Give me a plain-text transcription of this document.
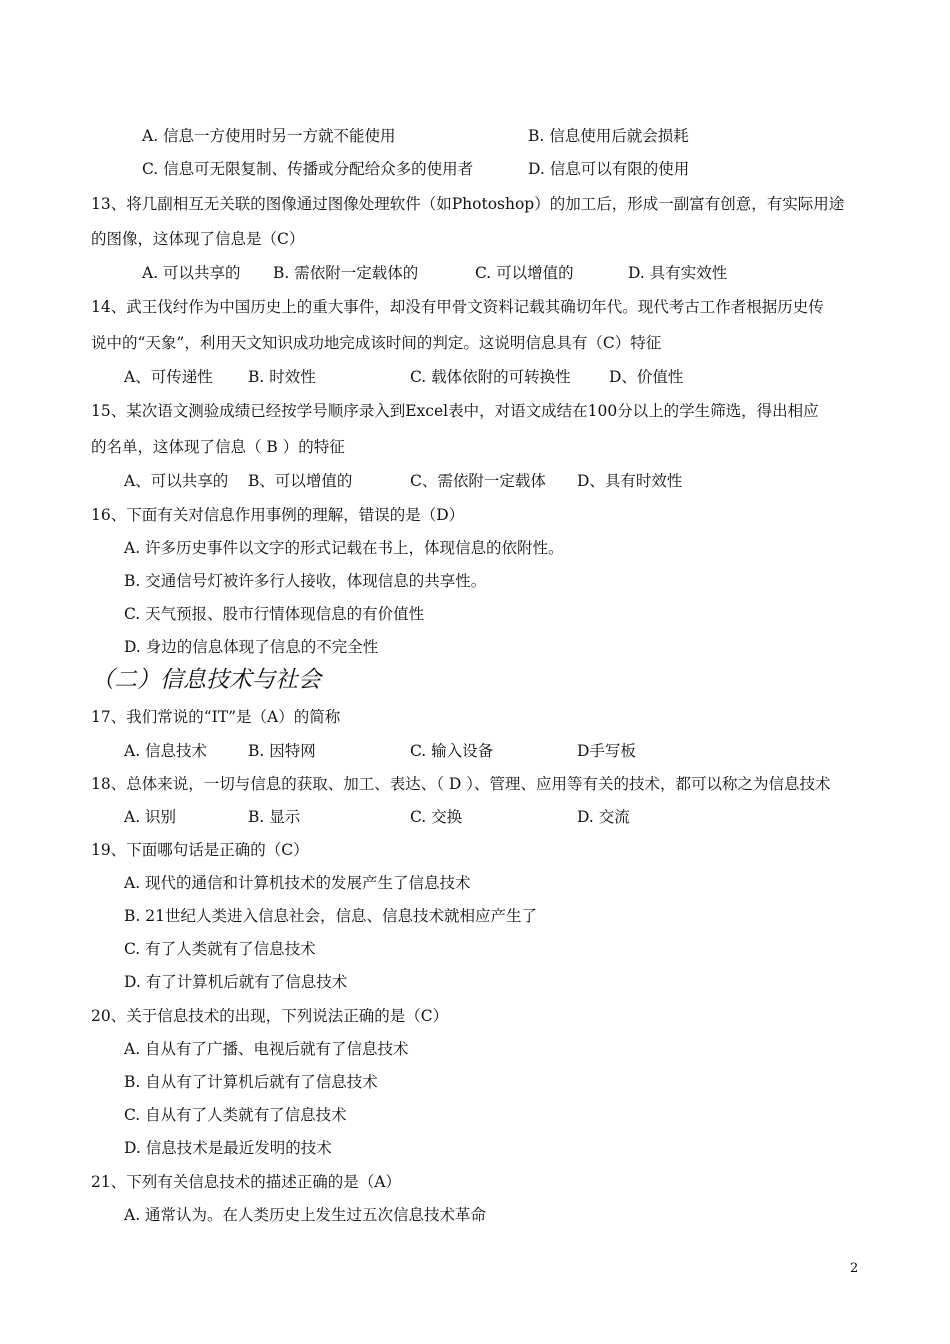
A. 信息一方使用时另一方就不能使用	B. 信息使用后就会损耗
C. 信息可无限复制、传播或分配给众多的使用者	D. 信息可以有限的使用
13、将几副相互无关联的图像通过图像处理软件（如Photoshop）的加工后，形成一副富有创意，有实际用途
的图像，这体现了信息是（C）
A. 可以共享的 B. 需依附一定载体的	C. 可以增值的	D. 具有实效性
14、武王伐纣作为中国历史上的重大事件，却没有甲骨文资料记载其确切年代。现代考古工作者根据历史传
说中的“天象”，利用天文知识成功地完成该时间的判定。这说明信息具有（C）特征
A、可传递性 B. 时效性	C. 载体依附的可转换性 D、价值性
15、某次语文测验成绩已经按学号顺序录入到Excel表中，对语文成结在100分以上的学生筛选，得出相应
的名单，这体现了信息（ B ）的特征
A、可以共享的 B、可以增值的	C、需依附一定载体 D、具有时效性
16、下面有关对信息作用事例的理解，错误的是（D）
A. 许多历史事件以文字的形式记载在书上，体现信息的依附性。
B. 交通信号灯被许多行人接收，体现信息的共享性。
C. 天气预报、股市行情体现信息的有价值性
D. 身边的信息体现了信息的不完全性
（二）信息技术与社会
17、我们常说的“IT”是（A）的简称
A. 信息技术	B. 因特网	C. 输入设备	D手写板
18、总体来说，一切与信息的获取、加工、表达、（ D ）、管理、应用等有关的技术，都可以称之为信息技术
A. 识别	B. 显示	C. 交换	D. 交流
19、下面哪句话是正确的（C）
A. 现代的通信和计算机技术的发展产生了信息技术
B. 21世纪人类进入信息社会，信息、信息技术就相应产生了
C. 有了人类就有了信息技术
D. 有了计算机后就有了信息技术
20、关于信息技术的出现，下列说法正确的是（C）
A. 自从有了广播、电视后就有了信息技术
B. 自从有了计算机后就有了信息技术
C. 自从有了人类就有了信息技术
D. 信息技术是最近发明的技术
21、下列有关信息技术的描述正确的是（A）
A. 通常认为。在人类历史上发生过五次信息技术革命
2
